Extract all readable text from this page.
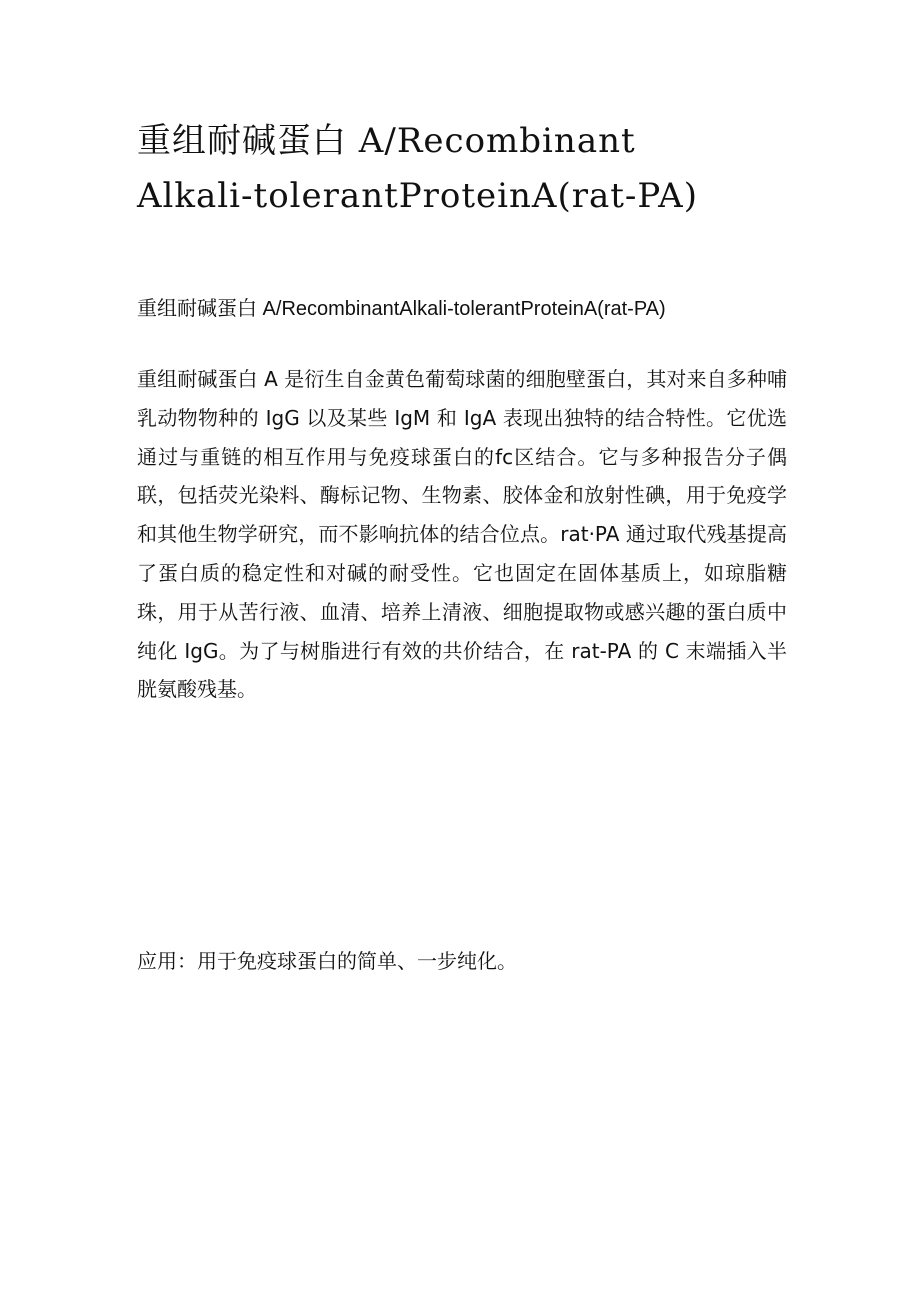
重组耐碱蛋白 A/Recombinant
Alkali-tolerantProteinA(rat-PA)

重组耐碱蛋白 A/RecombinantAlkali-tolerantProteinA(rat-PA)

重组耐碱蛋白 A 是衍生自金黄色葡萄球菌的细胞壁蛋白，其对来自多种哺乳动物物种的 IgG 以及某些 IgM 和 IgA 表现出独特的结合特性。它优选通过与重链的相互作用与免疫球蛋白的fc区结合。它与多种报告分子偶联，包括荧光染料、酶标记物、生物素、胶体金和放射性碘，用于免疫学和其他生物学研究，而不影响抗体的结合位点。rat·PA 通过取代残基提高了蛋白质的稳定性和对碱的耐受性。它也固定在固体基质上，如琼脂糖珠，用于从苦行液、血清、培养上清液、细胞提取物或感兴趣的蛋白质中纯化 IgG。为了与树脂进行有效的共价结合，在 rat-PA 的 C 末端插入半胱氨酸残基。

应用：用于免疫球蛋白的简单、一步纯化。
